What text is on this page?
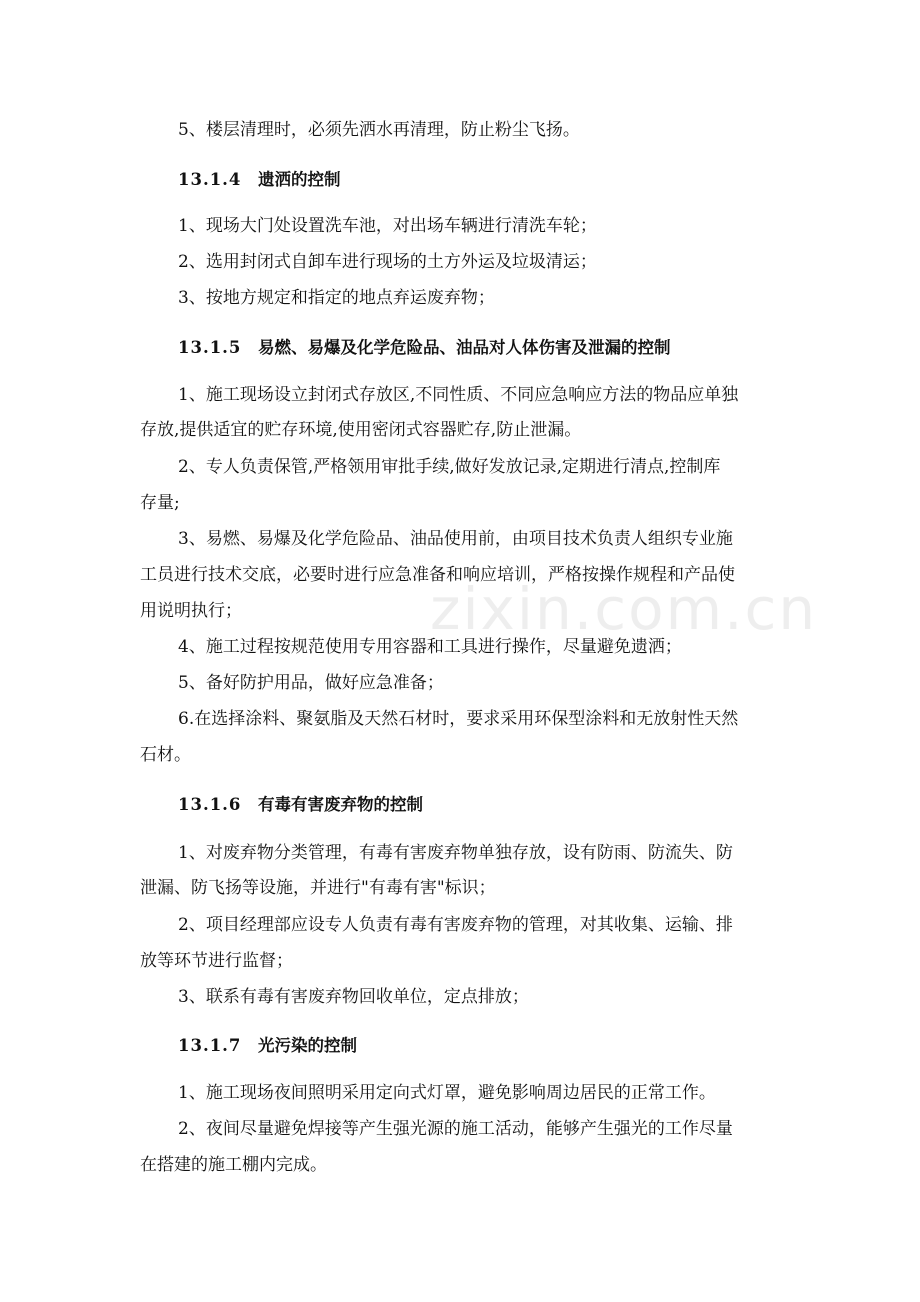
zixin.com.cn
5、楼层清理时，必须先洒水再清理，防止粉尘飞扬。
13.1.4 遗洒的控制
1、现场大门处设置洗车池，对出场车辆进行清洗车轮；
2、选用封闭式自卸车进行现场的土方外运及垃圾清运；
3、按地方规定和指定的地点弃运废弃物；
13.1.5 易燃、易爆及化学危险品、油品对人体伤害及泄漏的控制
1、施工现场设立封闭式存放区,不同性质、不同应急响应方法的物品应单独
存放,提供适宜的贮存环境,使用密闭式容器贮存,防止泄漏。
2、专人负责保管,严格领用审批手续,做好发放记录,定期进行清点,控制库
存量;
3、易燃、易爆及化学危险品、油品使用前，由项目技术负责人组织专业施
工员进行技术交底，必要时进行应急准备和响应培训，严格按操作规程和产品使
用说明执行；
4、施工过程按规范使用专用容器和工具进行操作，尽量避免遗洒；
5、备好防护用品，做好应急准备；
6.在选择涂料、聚氨脂及天然石材时，要求采用环保型涂料和无放射性天然
石材。
13.1.6 有毒有害废弃物的控制
1、对废弃物分类管理，有毒有害废弃物单独存放，设有防雨、防流失、防
泄漏、防飞扬等设施，并进行"有毒有害"标识；
2、项目经理部应设专人负责有毒有害废弃物的管理，对其收集、运输、排
放等环节进行监督；
3、联系有毒有害废弃物回收单位，定点排放；
13.1.7 光污染的控制
1、施工现场夜间照明采用定向式灯罩，避免影响周边居民的正常工作。
2、夜间尽量避免焊接等产生强光源的施工活动，能够产生强光的工作尽量
在搭建的施工棚内完成。
